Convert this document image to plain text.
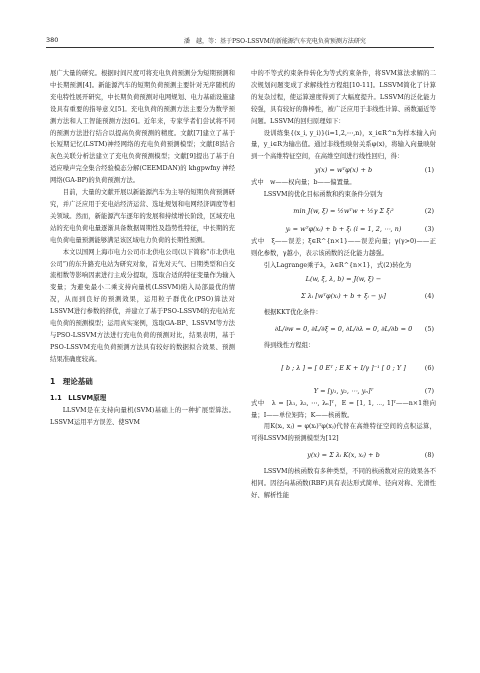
380	潘　越，等：基于PSO-LSSVM的新能源汽车充电负荷预测方法研究

展广大量的研究。根据时间尺度可将充电负荷预测分为短期预测和中长期预测[4]。新能源汽车的短期负荷预测主要针对无序随机的充电特性展开研究，中长期负荷预测对电网规划、电力基础设施建设具有重要的指导意义[5]。充电负荷的预测方法主要分为数学预测方法和人工智能预测方法[6]。近年来，专家学者们尝试将不同的预测方法进行结合以提高负荷预测的精度。文献[7]建立了基于长短期记忆(LSTM)神经网络的充电负荷预测模型；文献[8]结合灰色关联分析法建立了充电负荷预测模型；文献[9]提出了基于自适应噪声完全集合经验模态分解(CEEMDAN)的 khgpwfny 神经网络(GA-BP)的负荷预测方法。

目前，大量的文献开展以新能源汽车为主导的短期负荷预测研究，并广泛应用于充电站经济运营、选址规划和电网经济调度等相关领域。然而，新能源汽车逐年的发展和持续增长阶段，区域充电站的充电负荷电量逐渐具备数据周期性及趋势性特征，中长期的充电负荷电量预测能够满足该区域电力负荷的长期性预测。

本文以国网上海市电力公司市北供电公司(以下简称“市北供电公司”)的东升路充电站为研究对象，首先对天气、日期类型和自交流相数等影响因素进行主成分提取，选取合适的特征变量作为输入变量；为避免最小二乘支持向量机(LSSVM)陷入局部最优的情况，从而到良好的预测效果，运用粒子群优化(PSO)算法对LSSVM进行参数的择优，并建立了基于PSO-LSSVM的充电站充电负荷的预测模型；运用真实案例，选取GA-BP、LSSVM等方法与PSO-LSSVM方法进行充电负荷的预测对比，结果表明，基于PSO-LSSVM充电负荷预测方法具有较好的数据拟合效果、预测结果准确度较高。

1　理论基础
1.1　LLSVM原理

LLSVM是在支持向量机(SVM)基础上的一种扩展型算法。LSSVM运用平方误差、使SVM

中的不等式约束条件转化为等式约束条件，将SVM算法求解的二次规划问题变成了求解线性方程组[10-11]。LSSVM简化了计算的复杂过程，使运算速度得到了大幅度提升。LSSVM的泛化能力较强，具有较好的鲁棒性，被广泛应用于非线性计算、函数逼近等问题。LSSVM的回归原理如下：

设训练集{(x_i, y_i)}(i=1,2,⋯,n)，x_i∈R^n为样本输入向量，y_i∈R为输出值。通过非线性映射关系φ(x)，将输入向量映射到一个高维特征空间，在高维空间进行线性回归，得：

y(x) = wᵀφ(x) + b	(1)

式中　w——权向量；b——偏置量。

LSSVM的优化目标函数和约束条件分别为

min J(w, ξ) = ½wᵀw + ½γ Σ ξᵢ²	(2)
yᵢ = wᵀφ(xᵢ) + b + ξᵢ (i = 1, 2, ⋯, n)	(3)

式中　ξ——误差；ξ∈R^{n×1}——误差向量；γ(γ>0)——正则化参数，γ越小，表示该函数的泛化能力越强。

引入Lagrange乘子λ，λ∈R^{n×1}，式(2)转化为

L(w, ξ, λ, b) = J(w, ξ) −
Σ λᵢ [wᵀφ(xᵢ) + b + ξᵢ − yᵢ]	(4)

根据KKT优化条件：

∂L/∂w = 0, ∂L/∂ξ = 0, ∂L/∂λ = 0, ∂L/∂b = 0 (5)

得到线性方程组：

[ b ; λ ] = [ 0 Eᵀ ; E K + I/γ ]⁻¹ [ 0 ; Y ]	(6)
Y = [y₁, y₂, ⋯, yₙ]ᵀ	(7)

式中　λ = [λ₁, λ₂, ⋯, λₙ]ᵀ，E = [1, 1, ⋯, 1]ᵀ——n×1维向量；I——单位矩阵；K——核函数。

用K(xᵢ, xⱼ) = φ(xᵢ)ᵀφ(xⱼ)代替在高维特征空间的点积运算，可得LSSVM的预测模型为[12]

y(x) = Σ λᵢ K(x, xᵢ) + b	(8)

LSSVM的核函数有多种类型，不同的核函数对应的效果各不相同。因径向基函数(RBF)具有表达形式简单、径向对称、光滑性好、解析性能
